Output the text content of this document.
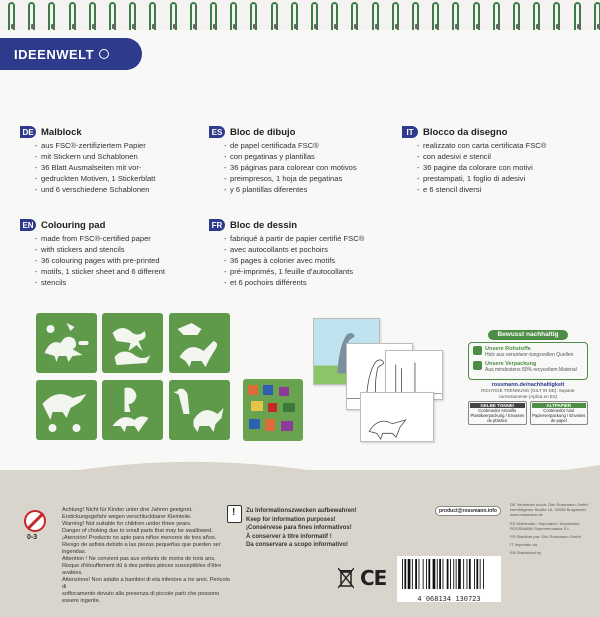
IDEENWELT
DE Malblock
- aus FSC®-zertifiziertem Papier
- mit Stickern und Schablonen
- 36 Blatt Ausmalseiten mit vor-
- gedruckten Motiven, 1 Stickerblatt
- und 6 verschiedene Schablonen
ES Bloc de dibujo
- de papel certificada FSC®
- con pegatinas y plantillas
- 36 páginas para colorear con motivos
- preimpresos, 1 hoja de pegatinas
- y 6 plantillas diferentes
IT Blocco da disegno
- realizzato con carta certificata FSC®
- con adesivi e stencil
- 36 pagine da colorare con motivi
- prestampati, 1 foglio di adesivi
- e 6 stencil diversi
EN Colouring pad
- made from FSC®-certified paper
- with stickers and stencils
- 36 colouring pages with pre-printed
- motifs, 1 sticker sheet and 6 different
- stencils
FR Bloc de dessin
- fabriqué à partir de papier certifié FSC®
- avec autocollants et pochoirs
- 36 pages à colorier avec motifs
- pré-imprimés, 1 feuille d'autocollants
- et 6 pochoirs différents
Bewusst nachhaltig
Unsere Rohstoffe
Holz aus verantwor-tungsvollen Quellen
Unsere Verpackung
Aus mindestens 80% recyceltem Material
rossmann.de/nachhaltigkeit
RICHTIGE TRENNUNG (GILT IN DE): Separar correctamente (Aplica en ES)
GELBE TONNE/
Contenedor Amarillo
Plastikverpackung / Envases de plástico
ALTPAPIER
Contenedor Azul
Papierverpackung / Envases de papel
0-3

Achtung! Nicht für Kinder unter drei Jahren geeignet.

Erstickungsgefahr wegen verschluckbarer Kleinteile.

Warning! Not suitable for children under three years.

Danger of choking due to small parts that may be swallowed.

¡Atención! Producto no apto para niños menores de tres años.

Riesgo de asfixia debido a las piezas pequeñas que pueden ser ingeridas.

Attention ! Ne convient pas aux enfants de moins de trois ans.

Risque d'étouffement dû à des petites pièces susceptibles d'être avalées.

Attenzione! Non adatto a bambini di età inferiore a tre anni. Pericolo di

soffocamento dovuto alla presenza di piccole parti che possono essere ingerite.

!

Zu Informationszwecken aufbewahren!

Keep for information purposes!

¡Consérvese para fines informativos!

À conserver à titre informatif !

Da conservare a scopo informativo!

product@rossmann.info
CE
4 068134 130723

DE Vertrieben durch: Dirk Rossmann GmbH Isernhägener Straße 16, 30938 Burgwedel www.rossmann.de

ES Distribuido / Importado / Importador: ROSSMANN Supermercados S.L.

FR Distribué par: Dirk Rossmann GmbH

IT Importato da

EN Distributed by
